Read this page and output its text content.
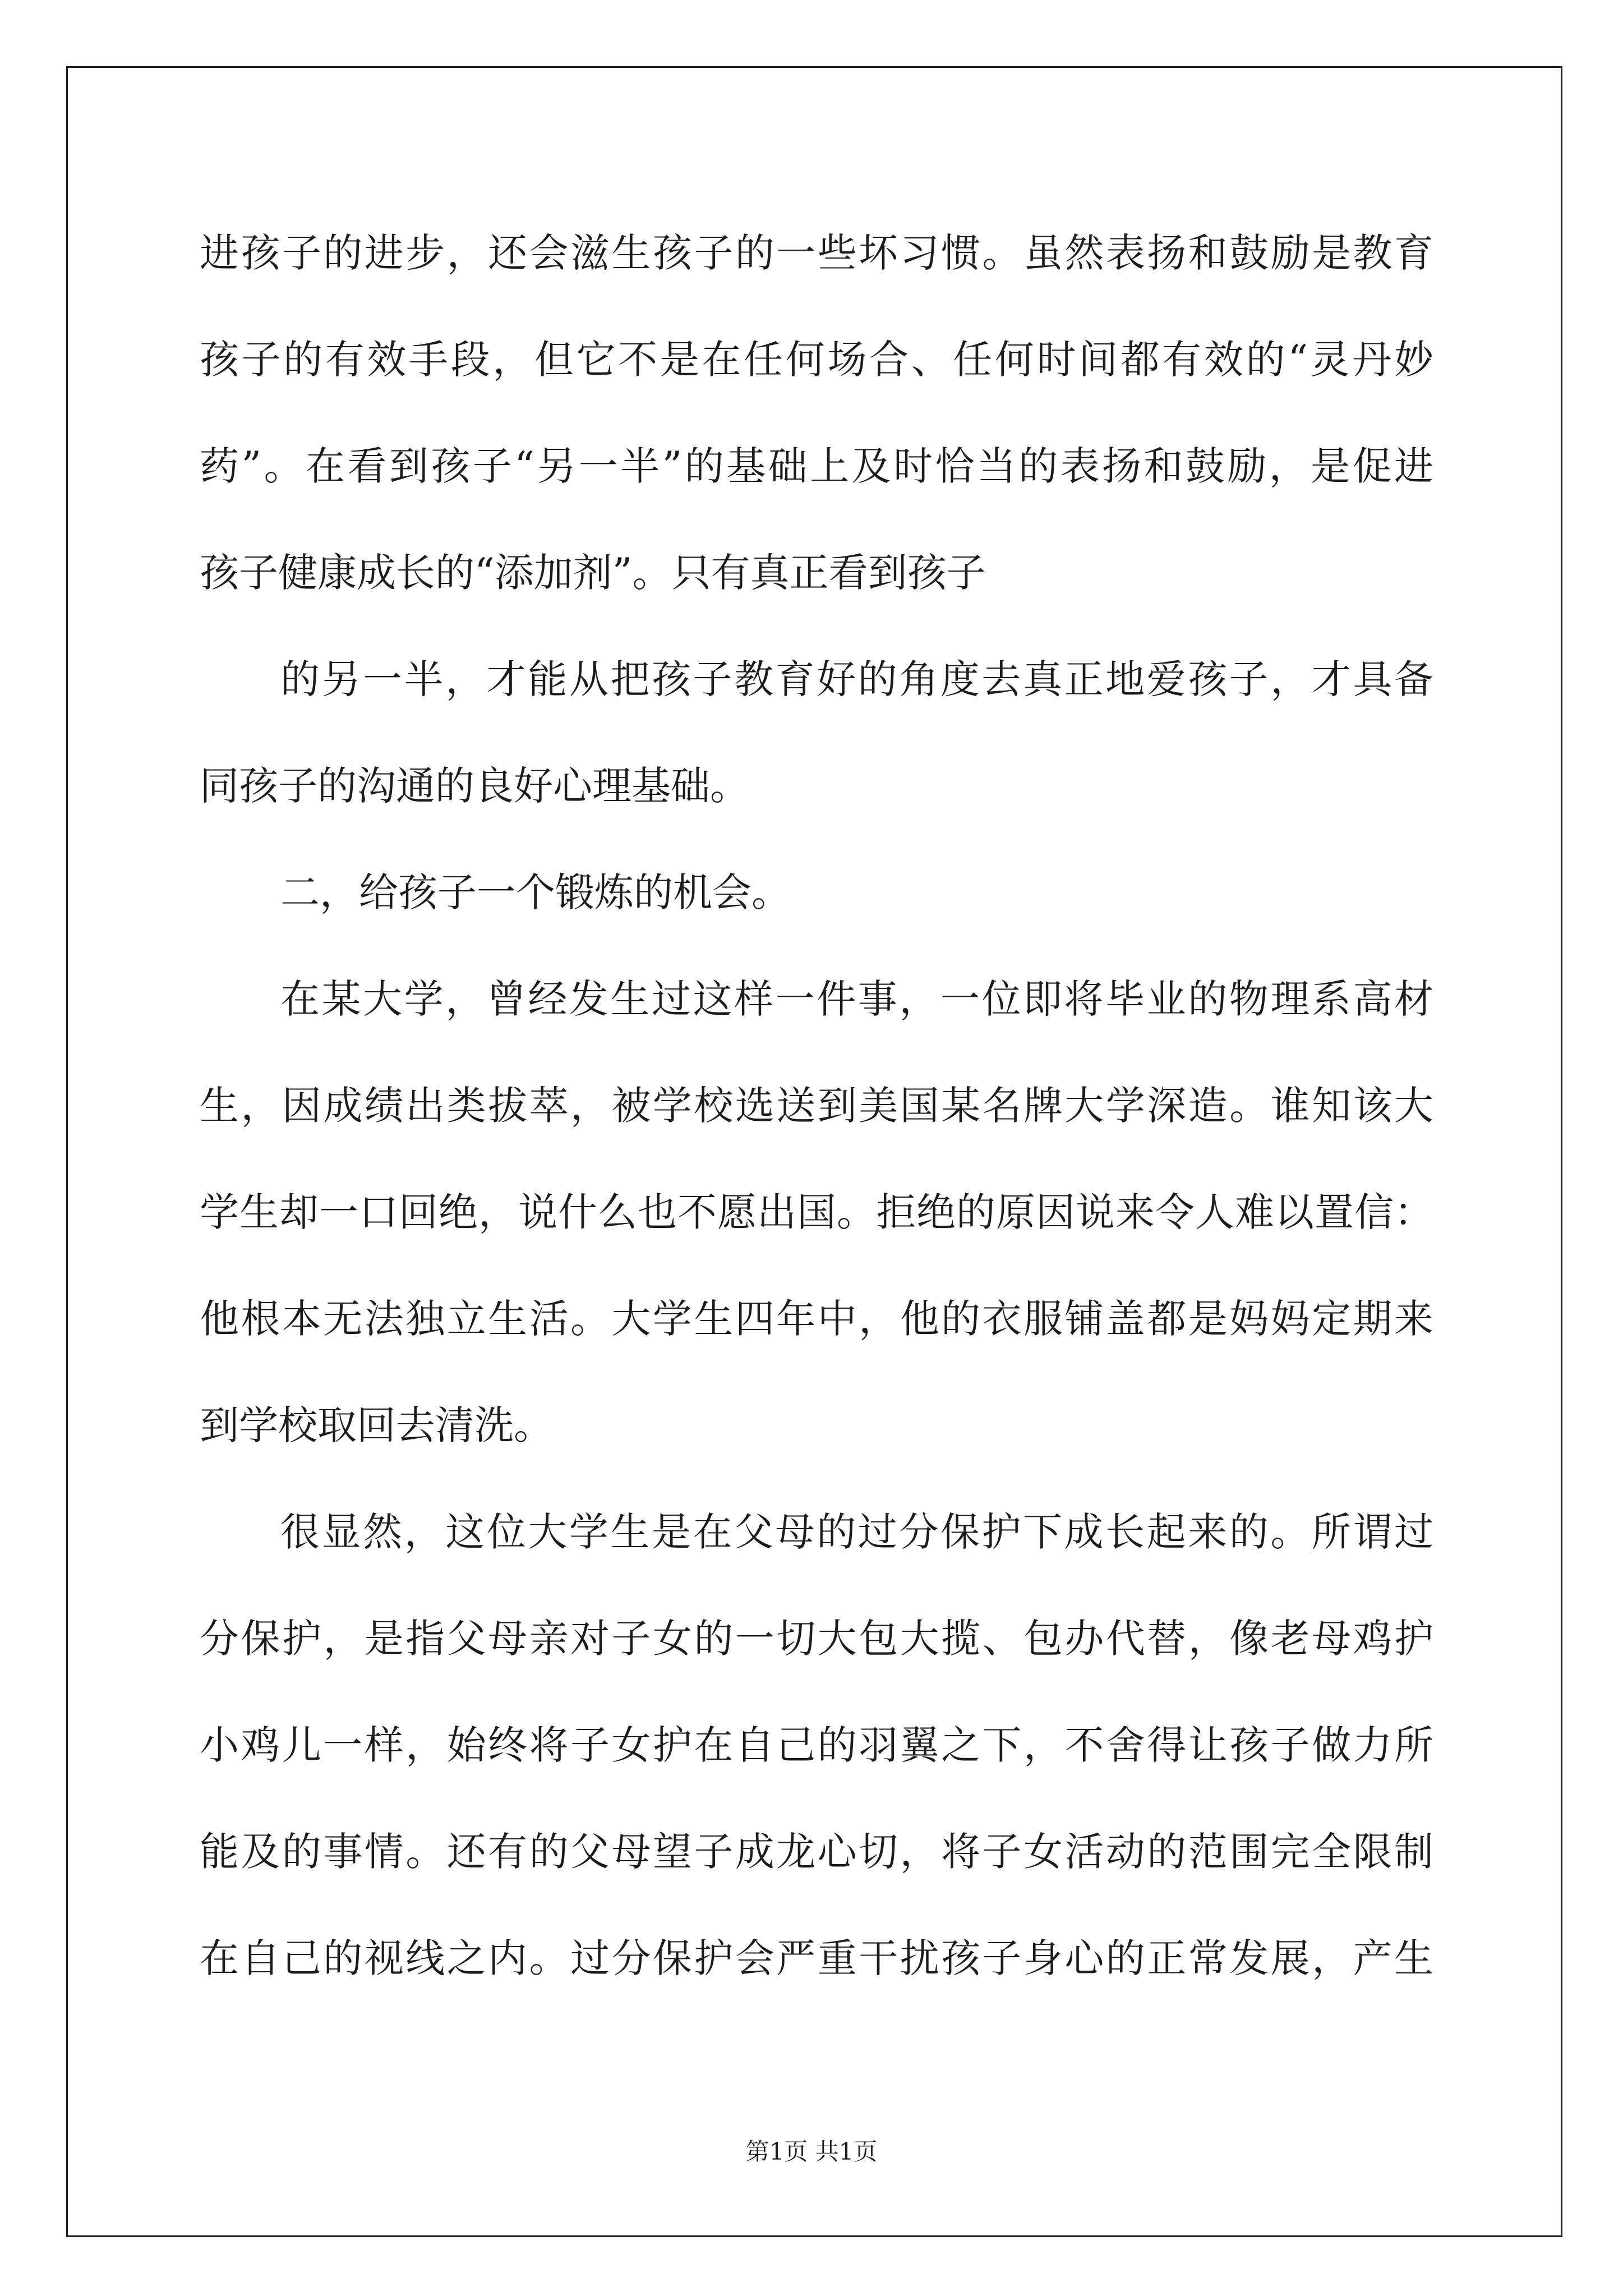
进孩子的进步，还会滋生孩子的一些坏习惯。虽然表扬和鼓励是教育
孩子的有效手段，但它不是在任何场合、任何时间都有效的“灵丹妙
药”。在看到孩子“另一半”的基础上及时恰当的表扬和鼓励，是促进
孩子健康成长的“添加剂”。只有真正看到孩子
的另一半，才能从把孩子教育好的角度去真正地爱孩子，才具备
同孩子的沟通的良好心理基础。
二，给孩子一个锻炼的机会。
在某大学，曾经发生过这样一件事，一位即将毕业的物理系高材
生，因成绩出类拔萃，被学校选送到美国某名牌大学深造。谁知该大
学生却一口回绝，说什么也不愿出国。拒绝的原因说来令人难以置信：
他根本无法独立生活。大学生四年中，他的衣服铺盖都是妈妈定期来
到学校取回去清洗。
很显然，这位大学生是在父母的过分保护下成长起来的。所谓过
分保护，是指父母亲对子女的一切大包大揽、包办代替，像老母鸡护
小鸡儿一样，始终将子女护在自己的羽翼之下，不舍得让孩子做力所
能及的事情。还有的父母望子成龙心切，将子女活动的范围完全限制
在自己的视线之内。过分保护会严重干扰孩子身心的正常发展，产生
第1页 共1页
